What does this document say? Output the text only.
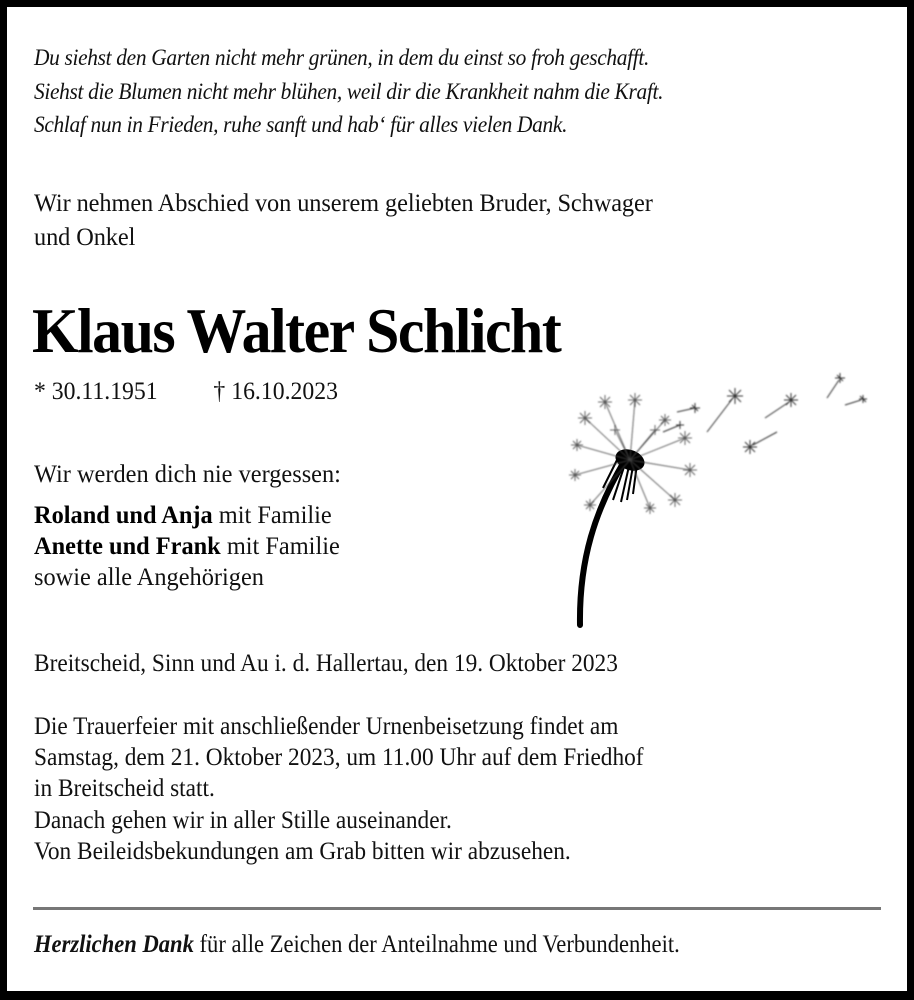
Du siehst den Garten nicht mehr grünen, in dem du einst so froh geschafft.
Siehst die Blumen nicht mehr blühen, weil dir die Krankheit nahm die Kraft.
Schlaf nun in Frieden, ruhe sanft und hab‘ für alles vielen Dank.
Wir nehmen Abschied von unserem geliebten Bruder, Schwager
und Onkel
Klaus Walter Schlicht
* 30.11.1951 † 16.10.2023
Wir werden dich nie vergessen:
Roland und Anja mit Familie
Anette und Frank mit Familie
sowie alle Angehörigen
Breitscheid, Sinn und Au i. d. Hallertau, den 19. Oktober 2023
Die Trauerfeier mit anschließender Urnenbeisetzung findet am
Samstag, dem 21. Oktober 2023, um 11.00 Uhr auf dem Friedhof
in Breitscheid statt.
Danach gehen wir in aller Stille auseinander.
Von Beileidsbekundungen am Grab bitten wir abzusehen.
Herzlichen Dank für alle Zeichen der Anteilnahme und Verbundenheit.
